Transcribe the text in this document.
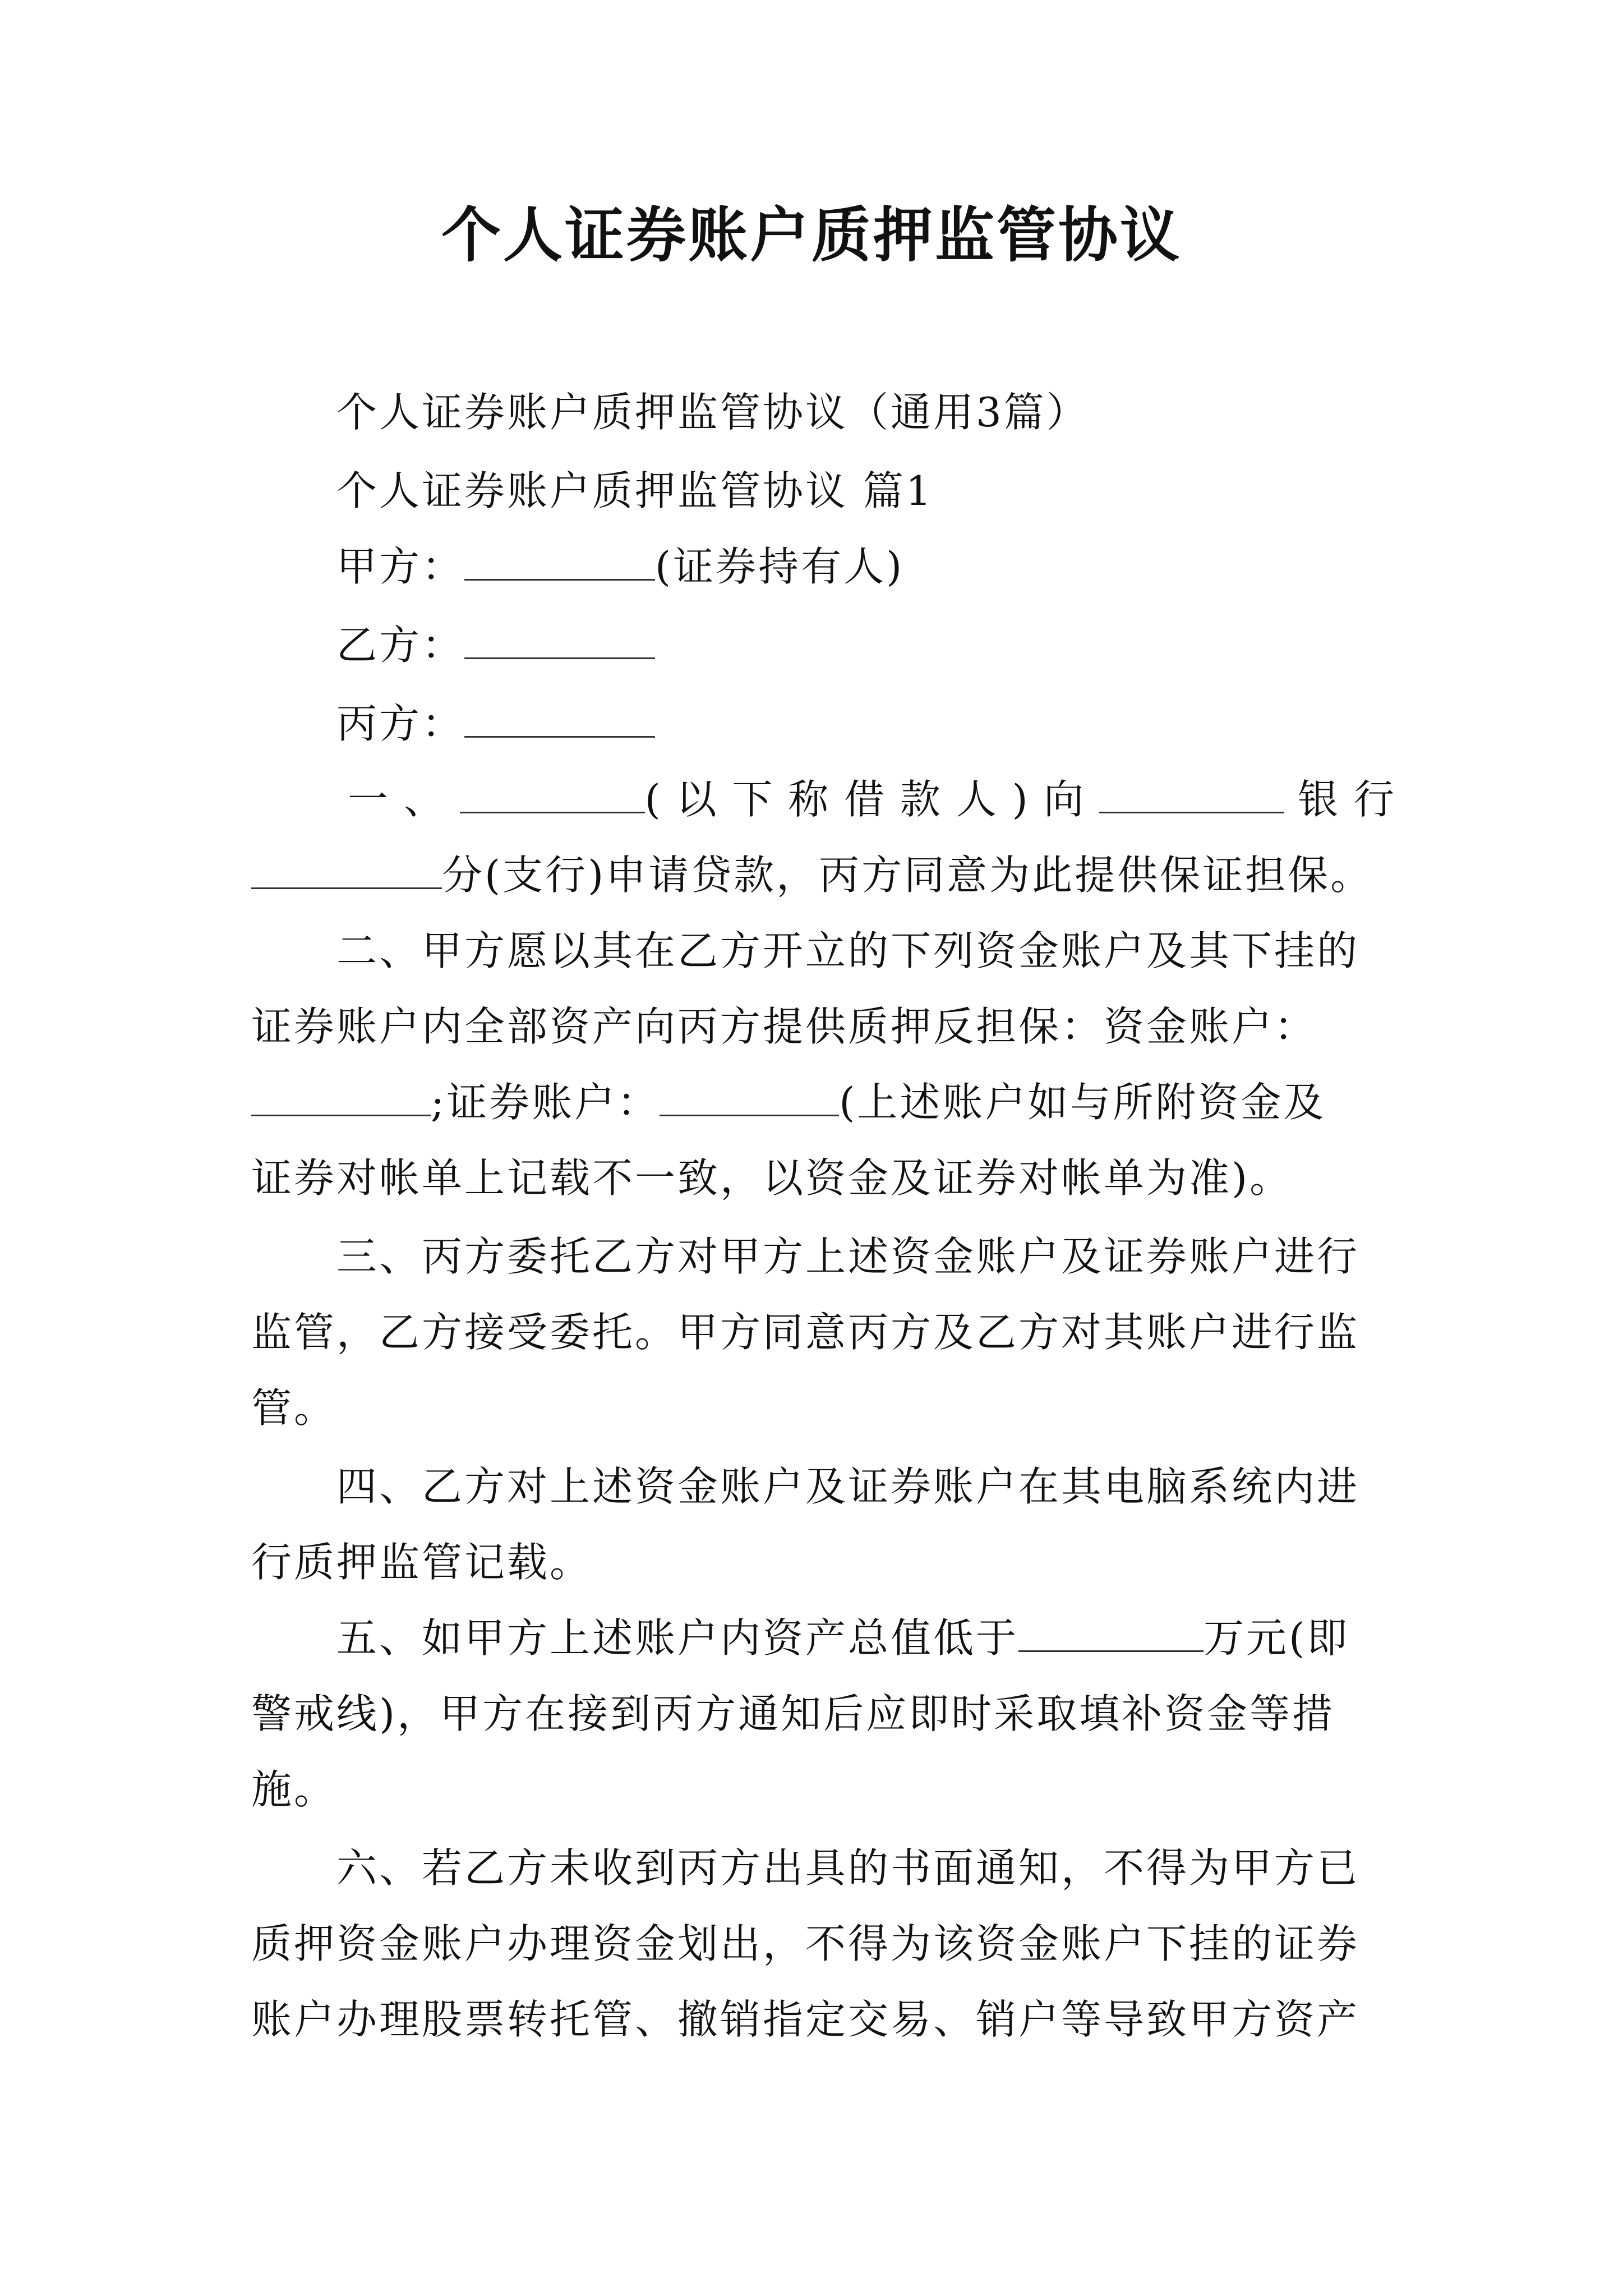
个人证券账户质押监管协议
个人证券账户质押监管协议（通用3篇）
个人证券账户质押监管协议 篇1
甲方：	(证券持有人)
乙方：
丙方：
一、	(以下称借款人)向	银行
分(支行)申请贷款，丙方同意为此提供保证担保。
二、甲方愿以其在乙方开立的下列资金账户及其下挂的
证券账户内全部资产向丙方提供质押反担保：资金账户：
;证券账户：	(上述账户如与所附资金及
证券对帐单上记载不一致，以资金及证券对帐单为准)。
三、丙方委托乙方对甲方上述资金账户及证券账户进行
监管，乙方接受委托。甲方同意丙方及乙方对其账户进行监
管。
四、乙方对上述资金账户及证券账户在其电脑系统内进
行质押监管记载。
五、如甲方上述账户内资产总值低于	万元(即
警戒线)，甲方在接到丙方通知后应即时采取填补资金等措
施。
六、若乙方未收到丙方出具的书面通知，不得为甲方已
质押资金账户办理资金划出，不得为该资金账户下挂的证券
账户办理股票转托管、撤销指定交易、销户等导致甲方资产
